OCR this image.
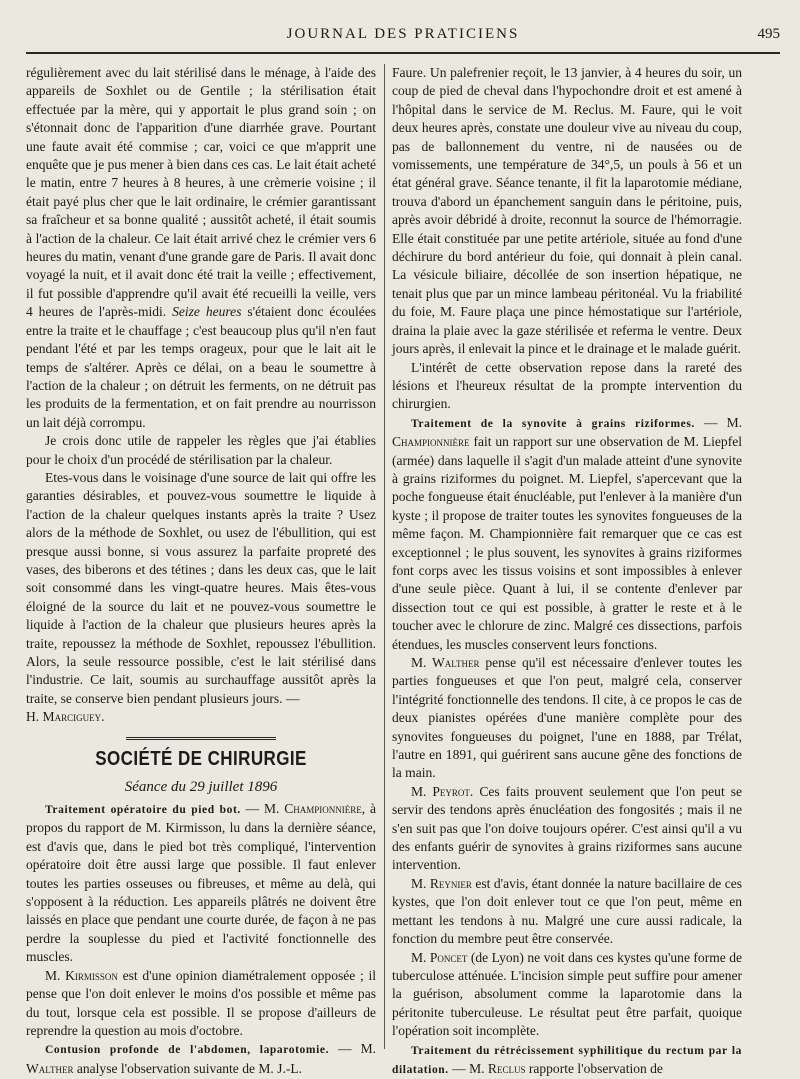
JOURNAL DES PRATICIENS	495

régulièrement avec du lait stérilisé dans le ménage, à l'aide des appareils de Soxhlet ou de Gentile ; la stérilisation était effectuée par la mère, qui y apportait le plus grand soin ; on s'étonnait donc de l'apparition d'une diarrhée grave. Pourtant une faute avait été commise ; car, voici ce que m'apprit une enquête que je pus mener à bien dans ces cas. Le lait était acheté le matin, entre 7 heures à 8 heures, à une crèmerie voisine ; il était payé plus cher que le lait ordinaire, le crémier garantissant sa fraîcheur et sa bonne qualité ; aussitôt acheté, il était soumis à l'action de la chaleur. Ce lait était arrivé chez le crémier vers 6 heures du matin, venant d'une grande gare de Paris. Il avait donc voyagé la nuit, et il avait donc été trait la veille ; effectivement, il fut possible d'apprendre qu'il avait été recueilli la veille, vers 4 heures de l'après-midi. Seize heures s'étaient donc écoulées entre la traite et le chauffage ; c'est beaucoup plus qu'il n'en faut pendant l'été et par les temps orageux, pour que le lait ait le temps de s'altérer. Après ce délai, on a beau le soumettre à l'action de la chaleur ; on détruit les ferments, on ne détruit pas les produits de la fermentation, et on fait prendre au nourrisson un lait déjà corrompu.

Je crois donc utile de rappeler les règles que j'ai établies pour le choix d'un procédé de stérilisation par la chaleur.

Etes-vous dans le voisinage d'une source de lait qui offre les garanties désirables, et pouvez-vous soumettre le liquide à l'action de la chaleur quelques instants après la traite ? Usez alors de la méthode de Soxhlet, ou usez de l'ébullition, qui est presque aussi bonne, si vous assurez la parfaite propreté des vases, des biberons et des tétines ; dans les deux cas, que le lait soit consommé dans les vingt-quatre heures. Mais êtes-vous éloigné de la source du lait et ne pouvez-vous soumettre le liquide à l'action de la chaleur que plusieurs heures après la traite, repoussez la méthode de Soxhlet, repoussez l'ébullition. Alors, la seule ressource possible, c'est le lait stérilisé dans l'industrie. Ce lait, soumis au surchauffage aussitôt après la traite, se conserve bien pendant plusieurs jours. —

H. Marciguey.

SOCIÉTÉ DE CHIRURGIE
Séance du 29 juillet 1896

Traitement opératoire du pied bot. — M. Championnière, à propos du rapport de M. Kirmisson, lu dans la dernière séance, est d'avis que, dans le pied bot très compliqué, l'intervention opératoire doit être aussi large que possible. Il faut enlever toutes les parties osseuses ou fibreuses, et même au delà, qui s'opposent à la réduction. Les appareils plâtrés ne doivent être laissés en place que pendant une courte durée, de façon à ne pas perdre la souplesse du pied et l'activité fonctionnelle des muscles.

M. Kirmisson est d'une opinion diamétralement opposée ; il pense que l'on doit enlever le moins d'os possible et même pas du tout, lorsque cela est possible. Il se propose d'ailleurs de reprendre la question au mois d'octobre.

Contusion profonde de l'abdomen, laparotomie. — M. Walther analyse l'observation suivante de M. J.-L.

Faure. Un palefrenier reçoit, le 13 janvier, à 4 heures du soir, un coup de pied de cheval dans l'hypochondre droit et est amené à l'hôpital dans le service de M. Reclus. M. Faure, qui le voit deux heures après, constate une douleur vive au niveau du coup, pas de ballonnement du ventre, ni de nausées ou de vomissements, une température de 34°,5, un pouls à 56 et un état général grave. Séance tenante, il fit la laparotomie médiane, trouva d'abord un épanchement sanguin dans le péritoine, puis, après avoir débridé à droite, reconnut la source de l'hémorragie. Elle était constituée par une petite artériole, située au fond d'une déchirure du bord antérieur du foie, qui donnait à plein canal. La vésicule biliaire, décollée de son insertion hépatique, ne tenait plus que par un mince lambeau péritonéal. Vu la friabilité du foie, M. Faure plaça une pince hémostatique sur l'artériole, draina la plaie avec la gaze stérilisée et referma le ventre. Deux jours après, il enlevait la pince et le drainage et le malade guérit.

L'intérêt de cette observation repose dans la rareté des lésions et l'heureux résultat de la prompte intervention du chirurgien.

Traitement de la synovite à grains riziformes. — M. Championnière fait un rapport sur une observation de M. Liepfel (armée) dans laquelle il s'agit d'un malade atteint d'une synovite à grains riziformes du poignet. M. Liepfel, s'apercevant que la poche fongueuse était énucléable, put l'enlever à la manière d'un kyste ; il propose de traiter toutes les synovites fongueuses de la même façon. M. Championnière fait remarquer que ce cas est exceptionnel ; le plus souvent, les synovites à grains riziformes font corps avec les tissus voisins et sont impossibles à enlever d'une seule pièce. Quant à lui, il se contente d'enlever par dissection tout ce qui est possible, à gratter le reste et à le toucher avec le chlorure de zinc. Malgré ces dissections, parfois étendues, les muscles conservent leurs fonctions.

M. Walther pense qu'il est nécessaire d'enlever toutes les parties fongueuses et que l'on peut, malgré cela, conserver l'intégrité fonctionnelle des tendons. Il cite, à ce propos le cas de deux pianistes opérées d'une manière complète pour des synovites fongueuses du poignet, l'une en 1888, par Trélat, l'autre en 1891, qui guérirent sans aucune gêne des fonctions de la main.

M. Peyrot. Ces faits prouvent seulement que l'on peut se servir des tendons après énucléation des fongosités ; mais il ne s'en suit pas que l'on doive toujours opérer. C'est ainsi qu'il a vu des enfants guérir de synovites à grains riziformes sans aucune intervention.

M. Reynier est d'avis, étant donnée la nature bacillaire de ces kystes, que l'on doit enlever tout ce que l'on peut, même en mettant les tendons à nu. Malgré une cure aussi radicale, la fonction du membre peut être conservée.

M. Poncet (de Lyon) ne voit dans ces kystes qu'une forme de tuberculose atténuée. L'incision simple peut suffire pour amener la guérison, absolument comme la laparotomie dans la péritonite tuberculeuse. Le résultat peut être parfait, quoique l'opération soit incomplète.

Traitement du rétrécissement syphilitique du rectum par la dilatation. — M. Reclus rapporte l'observation de
